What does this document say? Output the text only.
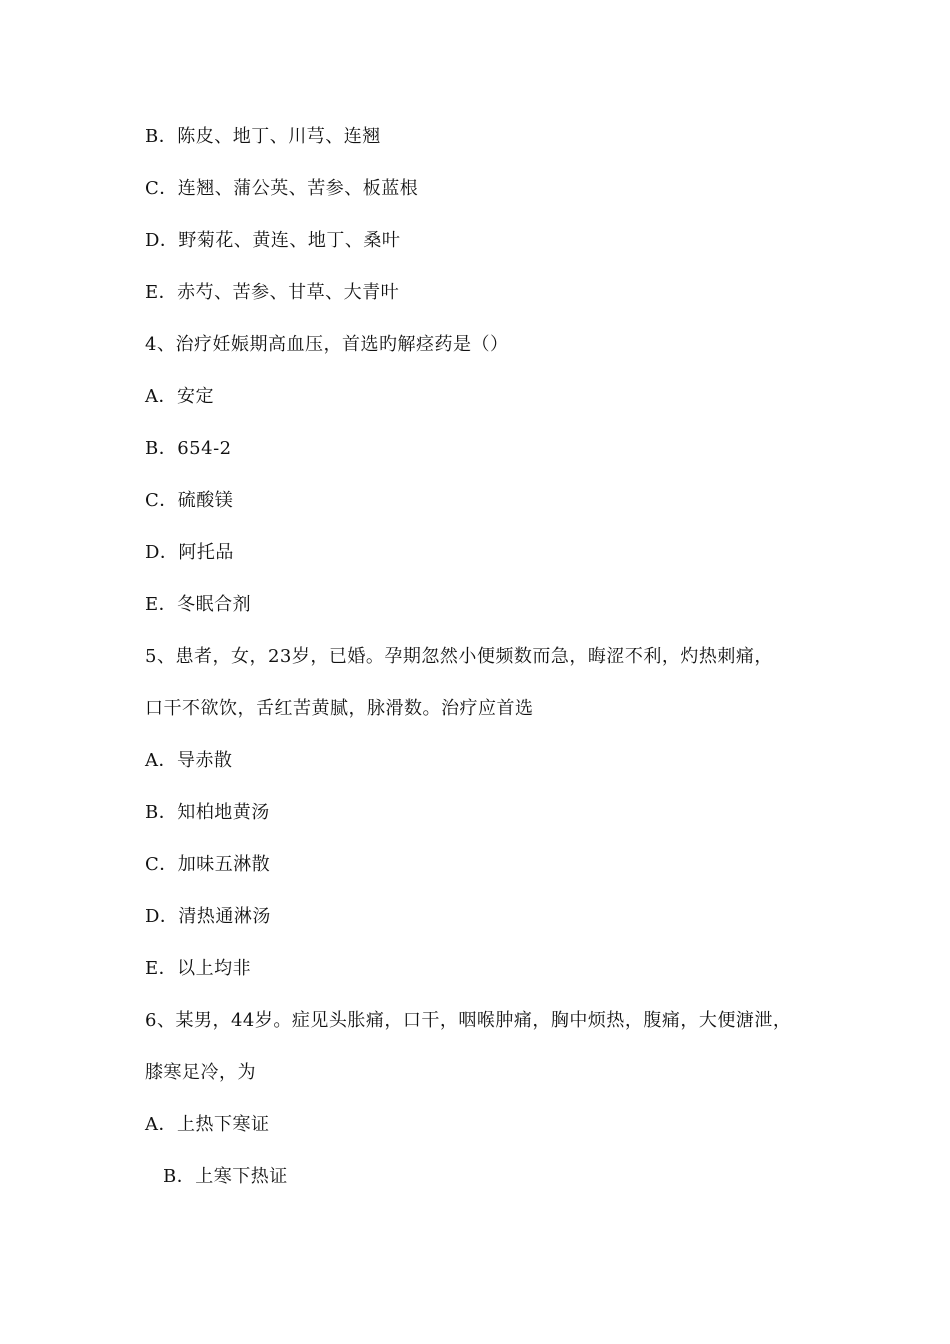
B．陈皮、地丁、川芎、连翘
C．连翘、蒲公英、苦参、板蓝根
D．野菊花、黄连、地丁、桑叶
E．赤芍、苦参、甘草、大青叶
4、治疗妊娠期高血压，首选旳解痉药是（）
A．安定
B．654-2
C．硫酸镁
D．阿托品
E．冬眠合剂
5、患者，女，23岁，已婚。孕期忽然小便频数而急，晦涩不利，灼热刺痛，
口干不欲饮，舌红苦黄腻，脉滑数。治疗应首选
A．导赤散
B．知柏地黄汤
C．加味五淋散
D．清热通淋汤
E．以上均非
6、某男，44岁。症见头胀痛，口干，咽喉肿痛，胸中烦热，腹痛，大便溏泄，
膝寒足冷，为
A．上热下寒证
B．上寒下热证
